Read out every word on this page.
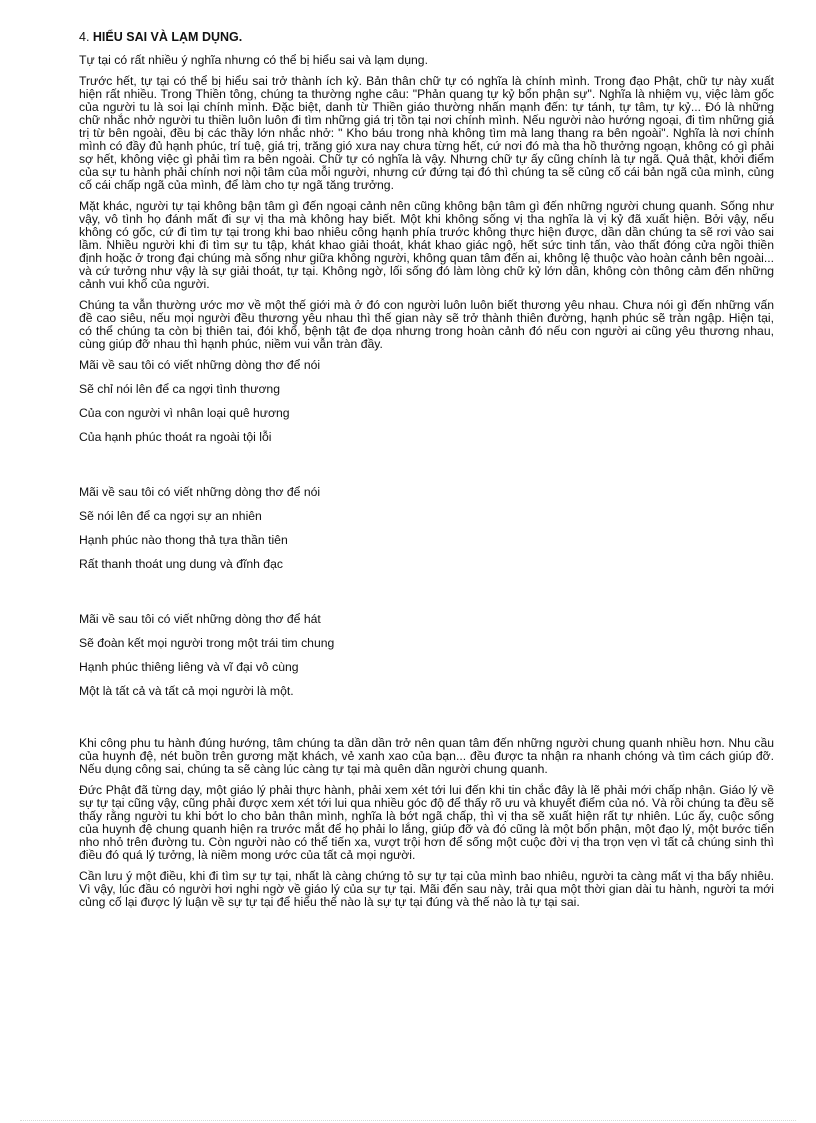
4. HIỂU SAI VÀ LẠM DỤNG.

Tự tại có rất nhiều ý nghĩa nhưng có thể bị hiểu sai và lạm dụng.

Trước hết, tự tại có thể bị hiểu sai trở thành ích kỷ. Bản thân chữ tự có nghĩa là chính mình. Trong đạo Phật, chữ tự này xuất hiện rất nhiều. Trong Thiền tông, chúng ta thường nghe câu: "Phản quang tự kỷ bổn phận sự". Nghĩa là nhiệm vụ, việc làm gốc của người tu là soi lại chính mình. Đặc biệt, danh từ Thiền giáo thường nhấn mạnh đến: tự tánh, tự tâm, tự kỷ... Đó là những chữ nhắc nhở người tu thiền luôn luôn đi tìm những giá trị tồn tại nơi chính mình. Nếu người nào hướng ngoại, đi tìm những giá trị từ bên ngoài, đều bị các thầy lớn nhắc nhở: " Kho báu trong nhà không tìm mà lang thang ra bên ngoài". Nghĩa là nơi chính mình có đầy đủ hạnh phúc, trí tuệ, giá trị, trăng gió xưa nay chưa từng hết, cứ nơi đó mà tha hồ thưởng ngoạn, không có gì phải sợ hết, không việc gì phải tìm ra bên ngoài. Chữ tự có nghĩa là vậy. Nhưng chữ tự ấy cũng chính là tự ngã. Quả thật, khởi điểm của sự tu hành phải chính nơi nội tâm của mỗi người, nhưng cứ đứng tại đó thì chúng ta sẽ củng cố cái bản ngã của mình, củng cố cái chấp ngã của mình, để làm cho tự ngã tăng trưởng.

Mặt khác, người tự tại không bận tâm gì đến ngoại cảnh nên cũng không bận tâm gì đến những người chung quanh. Sống như vậy, vô tình họ đánh mất đi sự vị tha mà không hay biết. Một khi không sống vị tha nghĩa là vị kỷ đã xuất hiện. Bởi vậy, nếu không có gốc, cứ đi tìm tự tại trong khi bao nhiêu công hạnh phía trước không thực hiện được, dần dần chúng ta sẽ rơi vào sai lầm. Nhiều người khi đi tìm sự tu tập, khát khao giải thoát, khát khao giác ngộ, hết sức tinh tấn, vào thất đóng cửa ngồi thiền định hoặc ở trong đại chúng mà sống như giữa không người, không quan tâm đến ai, không lệ thuộc vào hoàn cảnh bên ngoài... và cứ tưởng như vậy là sự giải thoát, tự tại. Không ngờ, lối sống đó làm lòng chữ kỷ lớn dần, không còn thông cảm đến những cảnh vui khổ của người.

Chúng ta vẫn thường ước mơ về một thế giới mà ở đó con người luôn luôn biết thương yêu nhau. Chưa nói gì đến những vấn đề cao siêu, nếu mọi người đều thương yêu nhau thì thế gian này sẽ trở thành thiên đường, hạnh phúc sẽ tràn ngập. Hiện tại, có thể chúng ta còn bị thiên tai, đói khổ, bệnh tật đe dọa nhưng trong hoàn cảnh đó nếu con người ai cũng yêu thương nhau, cùng giúp đỡ nhau thì hạnh phúc, niềm vui vẫn tràn đầy.

Mãi về sau tôi có viết những dòng thơ để nói
Sẽ chỉ nói lên để ca ngợi tình thương
Của con người vì nhân loại quê hương
Của hạnh phúc thoát ra ngoài tội lỗi
Mãi về sau tôi có viết những dòng thơ để nói
Sẽ nói lên để ca ngợi sự an nhiên
Hạnh phúc nào thong thả tựa thần tiên
Rất thanh thoát ung dung và đĩnh đạc
Mãi về sau tôi có viết những dòng thơ để hát
Sẽ đoàn kết mọi người trong một trái tim chung
Hạnh phúc thiêng liêng và vĩ đại vô cùng
Một là tất cả và tất cả mọi người là một.

Khi công phu tu hành đúng hướng, tâm chúng ta dần dần trở nên quan tâm đến những người chung quanh nhiều hơn. Nhu cầu của huynh đệ, nét buồn trên gương mặt khách, vẻ xanh xao của bạn... đều được ta nhận ra nhanh chóng và tìm cách giúp đỡ. Nếu dụng công sai, chúng ta sẽ càng lúc càng tự tại mà quên dần người chung quanh.

Đức Phật đã từng dạy, một giáo lý phải thực hành, phải xem xét tới lui đến khi tin chắc đây là lẽ phải mới chấp nhận. Giáo lý về sự tự tại cũng vậy, cũng phải được xem xét tới lui qua nhiều góc độ để thấy rõ ưu và khuyết điểm của nó. Và rồi chúng ta đều sẽ thấy rằng người tu khi bớt lo cho bản thân mình, nghĩa là bớt ngã chấp, thì vị tha sẽ xuất hiện rất tự nhiên. Lúc ấy, cuộc sống của huynh đệ chung quanh hiện ra trước mắt để họ phải lo lắng, giúp đỡ và đó cũng là một bổn phận, một đạo lý, một bước tiến nho nhỏ trên đường tu. Còn người nào có thể tiến xa, vượt trội hơn để sống một cuộc đời vị tha trọn vẹn vì tất cả chúng sinh thì điều đó quá lý tưởng, là niềm mong ước của tất cả mọi người.

Cần lưu ý một điều, khi đi tìm sự tự tại, nhất là càng chứng tỏ sự tự tại của mình bao nhiêu, người ta càng mất vị tha bấy nhiêu. Vì vậy, lúc đầu có người hơi nghi ngờ về giáo lý của sự tự tại. Mãi đến sau này, trải qua một thời gian dài tu hành, người ta mới củng cố lại được lý luận về sự tự tại để hiểu thế nào là sự tự tại đúng và thế nào là tự tại sai.
